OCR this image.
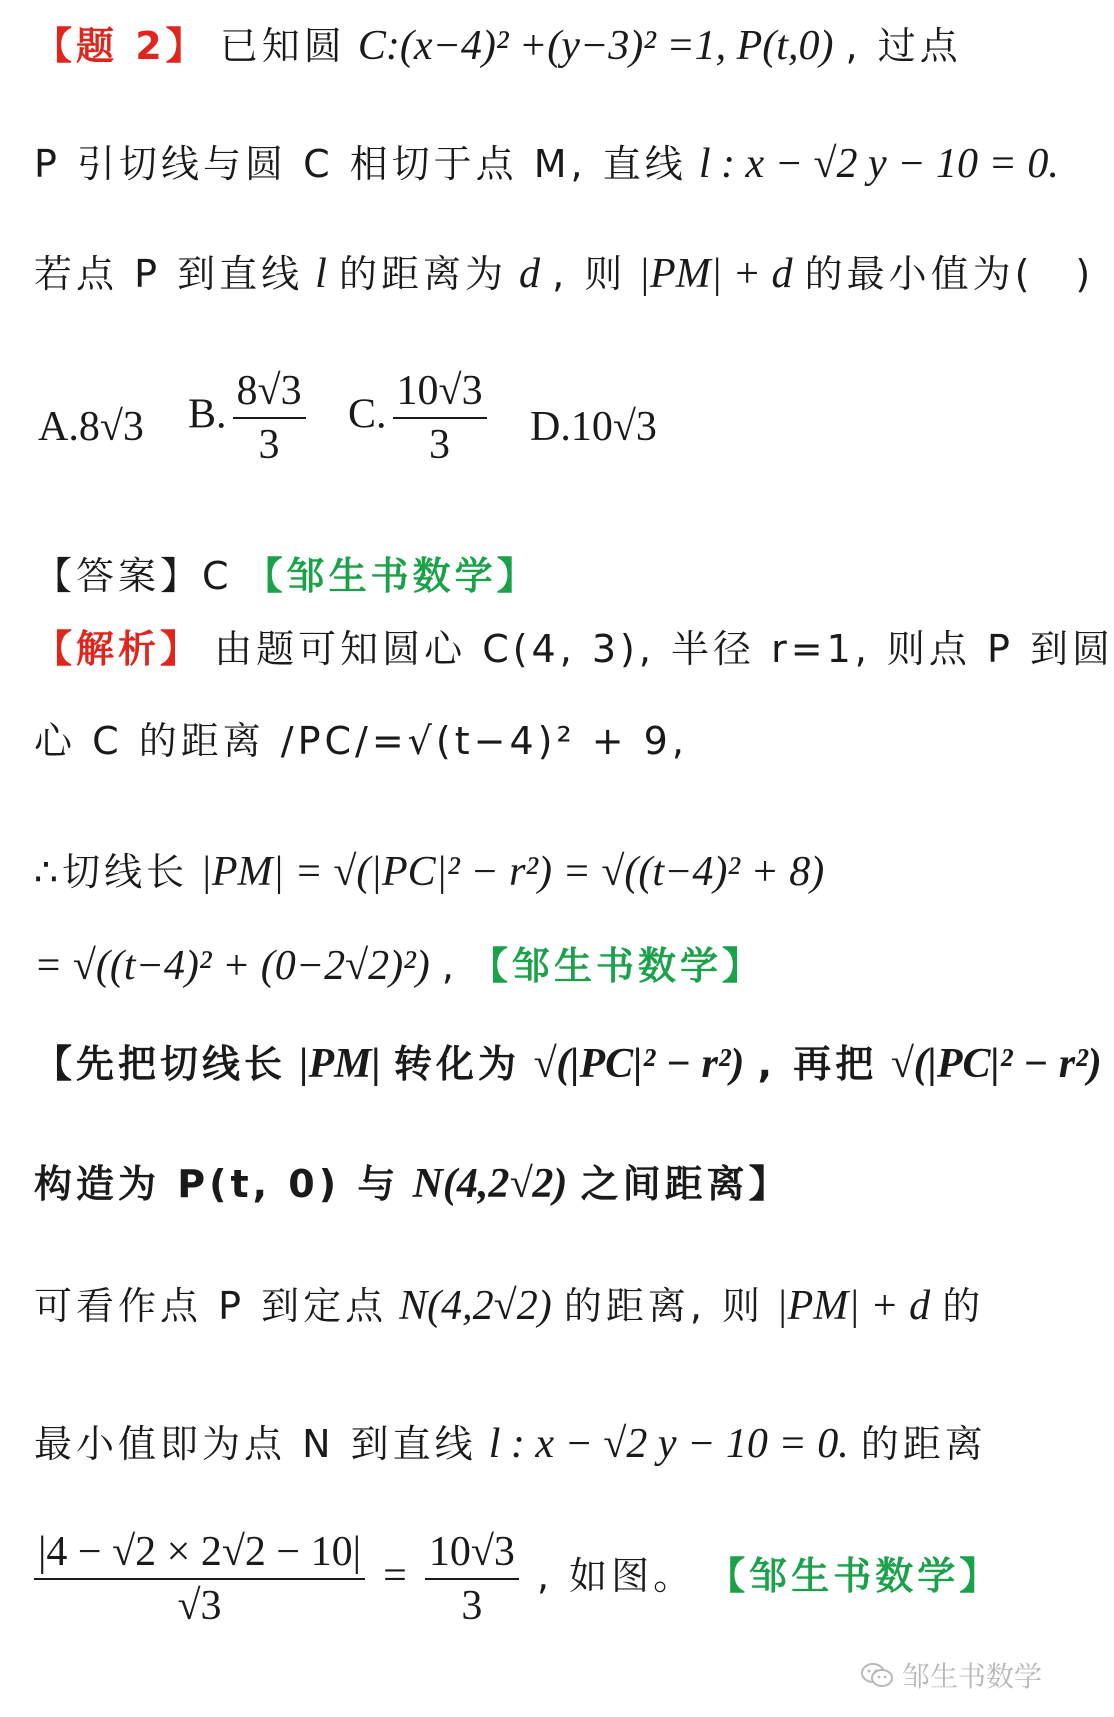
【题 2】 已知圆 C:(x−4)² +(y−3)² =1, P(t,0) , 过点
P 引切线与圆 C 相切于点 M, 直线 l : x − √2 y − 10 = 0.
若点 P 到直线 l 的距离为 d , 则 |PM| + d 的最小值为(　)
A.8√3 B. $\frac{8√3}{3} C$. $\frac{10√3}{3} D.10√3$
【答案】C 【邹生书数学】
【解析】 由题可知圆心 C(4, 3), 半径 r=1, 则点 P 到圆
心 C 的距离 /PC/=√(t−4)² + 9,
∴切线长 |PM| = √(|PC|² − r²) = √((t−4)² + 8)
= √((t−4)² + (0−2√2)²) , 【邹生书数学】
【先把切线长 |PM| 转化为 √(|PC|² − r²) , 再把 √(|PC|² − r²)
构造为 P(t, 0) 与 N(4,2√2) 之间距离】
可看作点 P 到定点 N(4,2√2) 的距离, 则 |PM| + d 的
最小值即为点 N 到直线 l : x − √2 y − 10 = 0. 的距离
$\frac{|4 - √2 \times 2√2 - 10|}{√3} = \frac{10√3}{3}$ , 如图。 【邹生书数学】
邹生书数学
